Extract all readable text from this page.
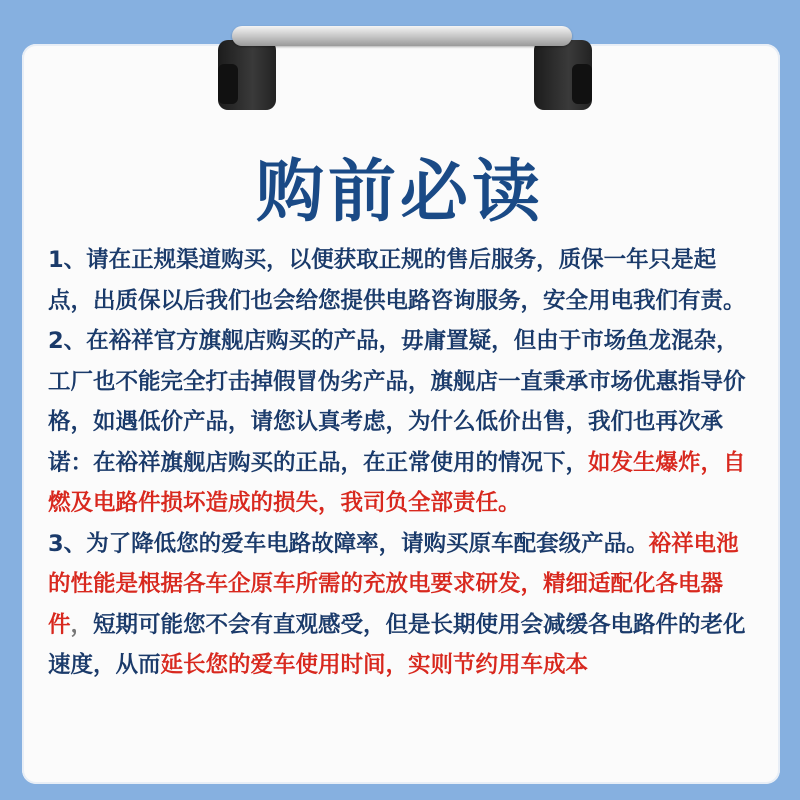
购前必读
1、请在正规渠道购买，以便获取正规的售后服务，质保一年只是起点，出质保以后我们也会给您提供电路咨询服务，安全用电我们有责。
2、在裕祥官方旗舰店购买的产品，毋庸置疑，但由于市场鱼龙混杂，工厂也不能完全打击掉假冒伪劣产品，旗舰店一直秉承市场优惠指导价格，如遇低价产品，请您认真考虑，为什么低价出售，我们也再次承诺：在裕祥旗舰店购买的正品，在正常使用的情况下，如发生爆炸，自燃及电路件损坏造成的损失，我司负全部责任。
3、为了降低您的爱车电路故障率，请购买原车配套级产品。裕祥电池的性能是根据各车企原车所需的充放电要求研发，精细适配化各电器件，短期可能您不会有直观感受，但是长期使用会减缓各电路件的老化速度，从而延长您的爱车使用时间，实则节约用车成本
